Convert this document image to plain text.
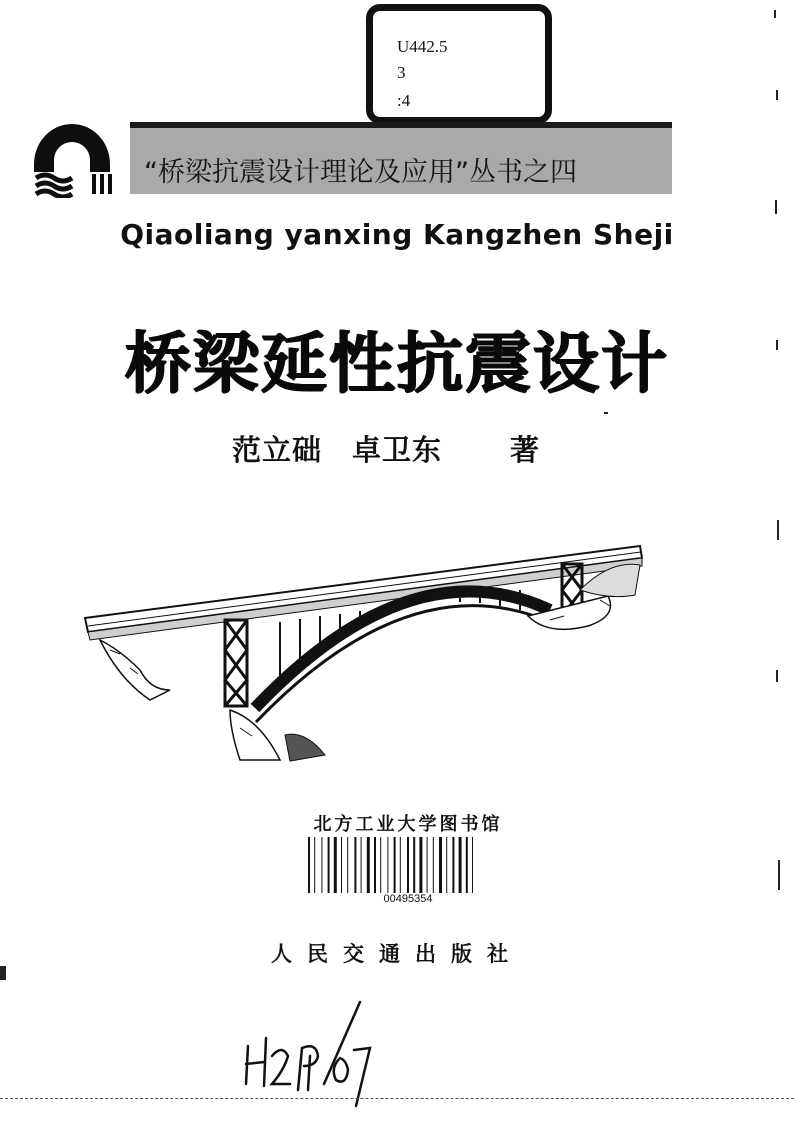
U442.5
3
:4
“桥梁抗震设计理论及应用”丛书之四
Qiaoliang yanxing Kangzhen Sheji
桥梁延性抗震设计
范立础　卓卫东 著
北方工业大学图书馆
00495354
人民交通出版社
